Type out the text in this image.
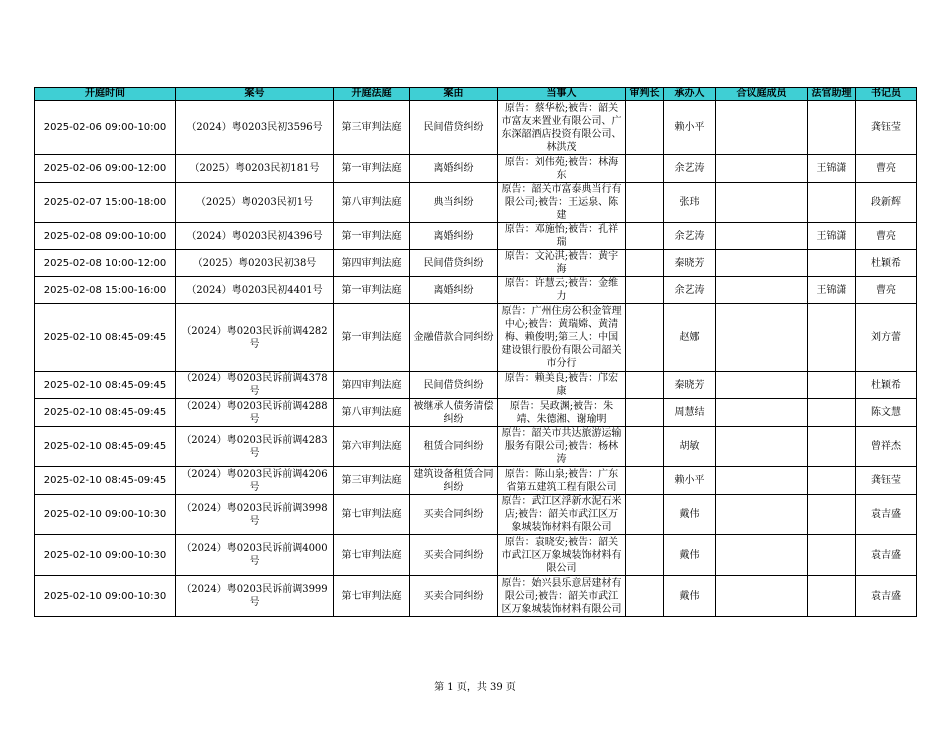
开庭时间	案号	开庭法庭	案由	当事人	审判长	承办人	合议庭成员	法官助理	书记员
2025-02-06 09:00-10:00	（2024）粤0203民初3596号	第三审判法庭	民间借贷纠纷	原告：蔡华松;被告：韶关市富友来置业有限公司、广东深韶酒店投资有限公司、林洪茂		赖小平			龚钰莹
2025-02-06 09:00-12:00	（2025）粤0203民初181号	第一审判法庭	离婚纠纷	原告：刘伟苑;被告：林海东		余艺涛		王锦潇	曹亮
2025-02-07 15:00-18:00	（2025）粤0203民初1号	第八审判法庭	典当纠纷	原告：韶关市富泰典当行有限公司;被告：王运泉、陈建		张玮			段新辉
2025-02-08 09:00-10:00	（2024）粤0203民初4396号	第一审判法庭	离婚纠纷	原告：邓施怡;被告：孔祥瑞		余艺涛		王锦潇	曹亮
2025-02-08 10:00-12:00	（2025）粤0203民初38号	第四审判法庭	民间借贷纠纷	原告：文沁淇;被告：黄宇海		秦晓芳			杜颖希
2025-02-08 15:00-16:00	（2024）粤0203民初4401号	第一审判法庭	离婚纠纷	原告：许慧云;被告：金维力		余艺涛		王锦潇	曹亮
2025-02-10 08:45-09:45	（2024）粤0203民诉前调4282号	第一审判法庭	金融借款合同纠纷	原告：广州住房公积金管理中心;被告：黄瑞嫦、黄清梅、赖俊明;第三人：中国建设银行股份有限公司韶关市分行		赵娜			刘方蕾
2025-02-10 08:45-09:45	（2024）粤0203民诉前调4378号	第四审判法庭	民间借贷纠纷	原告：赖美良;被告：邝宏康		秦晓芳			杜颖希
2025-02-10 08:45-09:45	（2024）粤0203民诉前调4288号	第八审判法庭	被继承人债务清偿纠纷	原告：吴政渊;被告：朱靖、朱德湘、谢瑜明		周慧结			陈文慧
2025-02-10 08:45-09:45	（2024）粤0203民诉前调4283号	第六审判法庭	租赁合同纠纷	原告：韶关市共达旅游运输服务有限公司;被告：杨林涛		胡敏			曾祥杰
2025-02-10 08:45-09:45	（2024）粤0203民诉前调4206号	第三审判法庭	建筑设备租赁合同纠纷	原告：陈山泉;被告：广东省第五建筑工程有限公司		赖小平			龚钰莹
2025-02-10 09:00-10:30	（2024）粤0203民诉前调3998号	第七审判法庭	买卖合同纠纷	原告：武江区浮新水泥石米店;被告：韶关市武江区万象城装饰材料有限公司		戴伟			袁吉盛
2025-02-10 09:00-10:30	（2024）粤0203民诉前调4000号	第七审判法庭	买卖合同纠纷	原告：袁晓安;被告：韶关市武江区万象城装饰材料有限公司		戴伟			袁吉盛
2025-02-10 09:00-10:30	（2024）粤0203民诉前调3999号	第七审判法庭	买卖合同纠纷	原告：始兴县乐意居建材有限公司;被告：韶关市武江区万象城装饰材料有限公司		戴伟			袁吉盛
第 1 页，共 39 页
